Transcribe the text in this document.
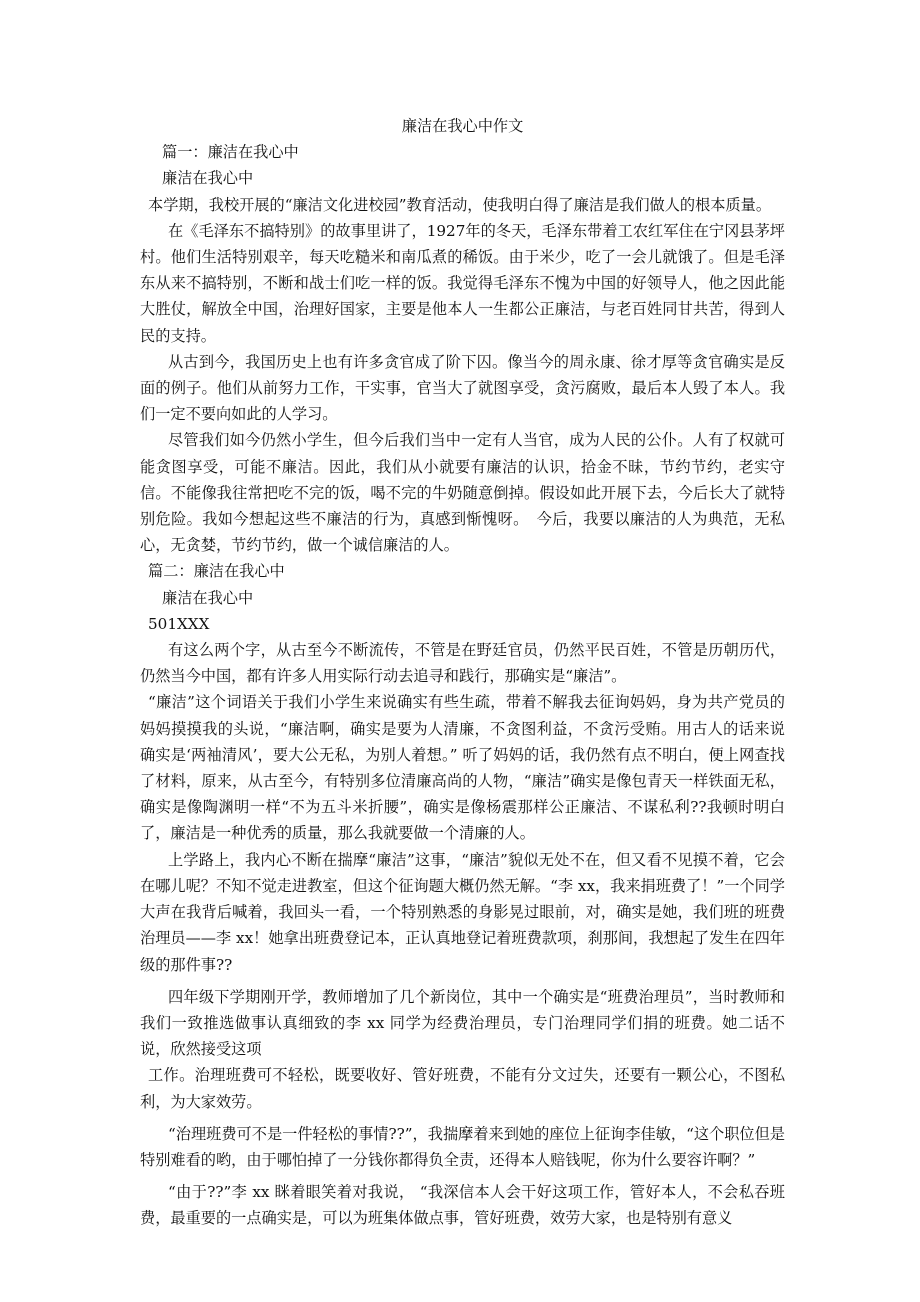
廉洁在我心中作文

篇一：廉洁在我心中

廉洁在我心中

本学期，我校开展的“廉洁文化进校园”教育活动，使我明白得了廉洁是我们做人的根本质量。

在《毛泽东不搞特别》的故事里讲了，1927年的冬天，毛泽东带着工农红军住在宁冈县茅坪村。他们生活特别艰辛，每天吃糙米和南瓜煮的稀饭。由于米少，吃了一会儿就饿了。但是毛泽东从来不搞特别，不断和战士们吃一样的饭。我觉得毛泽东不愧为中国的好领导人，他之因此能大胜仗，解放全中国，治理好国家，主要是他本人一生都公正廉洁，与老百姓同甘共苦，得到人民的支持。

从古到今，我国历史上也有许多贪官成了阶下囚。像当今的周永康、徐才厚等贪官确实是反面的例子。他们从前努力工作，干实事，官当大了就图享受，贪污腐败，最后本人毁了本人。我们一定不要向如此的人学习。

尽管我们如今仍然小学生，但今后我们当中一定有人当官，成为人民的公仆。人有了权就可能贪图享受，可能不廉洁。因此，我们从小就要有廉洁的认识，拾金不昧，节约节约，老实守信。不能像我往常把吃不完的饭，喝不完的牛奶随意倒掉。假设如此开展下去，今后长大了就特别危险。我如今想起这些不廉洁的行为，真感到惭愧呀。　今后，我要以廉洁的人为典范，无私心，无贪婪，节约节约，做一个诚信廉洁的人。

篇二：廉洁在我心中

廉洁在我心中

501XXX

有这么两个字，从古至今不断流传，不管是在野廷官员，仍然平民百姓，不管是历朝历代，仍然当今中国，都有许多人用实际行动去追寻和践行，那确实是“廉洁”。

“廉洁”这个词语关于我们小学生来说确实有些生疏，带着不解我去征询妈妈，身为共产党员的妈妈摸摸我的头说，“廉洁啊，确实是要为人清廉，不贪图利益，不贪污受贿。用古人的话来说确实是‘两袖清风’，要大公无私，为别人着想。” 听了妈妈的话，我仍然有点不明白，便上网查找了材料，原来，从古至今，有特别多位清廉高尚的人物，“廉洁”确实是像包青天一样铁面无私，确实是像陶渊明一样“不为五斗米折腰”，确实是像杨震那样公正廉洁、不谋私利??我顿时明白了，廉洁是一种优秀的质量，那么我就要做一个清廉的人。

上学路上，我内心不断在揣摩“廉洁”这事，“廉洁”貌似无处不在，但又看不见摸不着，它会在哪儿呢？不知不觉走进教室，但这个征询题大概仍然无解。“李 xx，我来捐班费了！”一个同学大声在我背后喊着，我回头一看，一个特别熟悉的身影晃过眼前，对，确实是她，我们班的班费治理员——李 xx！她拿出班费登记本，正认真地登记着班费款项，刹那间，我想起了发生在四年级的那件事??

四年级下学期刚开学，教师增加了几个新岗位，其中一个确实是“班费治理员”，当时教师和我们一致推选做事认真细致的李 xx 同学为经费治理员，专门治理同学们捐的班费。她二话不说，欣然接受这项

工作。治理班费可不轻松，既要收好、管好班费，不能有分文过失，还要有一颗公心，不图私利，为大家效劳。

“治理班费可不是一件轻松的事情??”，我揣摩着来到她的座位上征询李佳敏，“这个职位但是特别难看的哟，由于哪怕掉了一分钱你都得负全责，还得本人赔钱呢，你为什么要容许啊？”

“由于??”李 xx 眯着眼笑着对我说， “我深信本人会干好这项工作，管好本人，不会私吞班费，最重要的一点确实是，可以为班集体做点事，管好班费，效劳大家，也是特别有意义
